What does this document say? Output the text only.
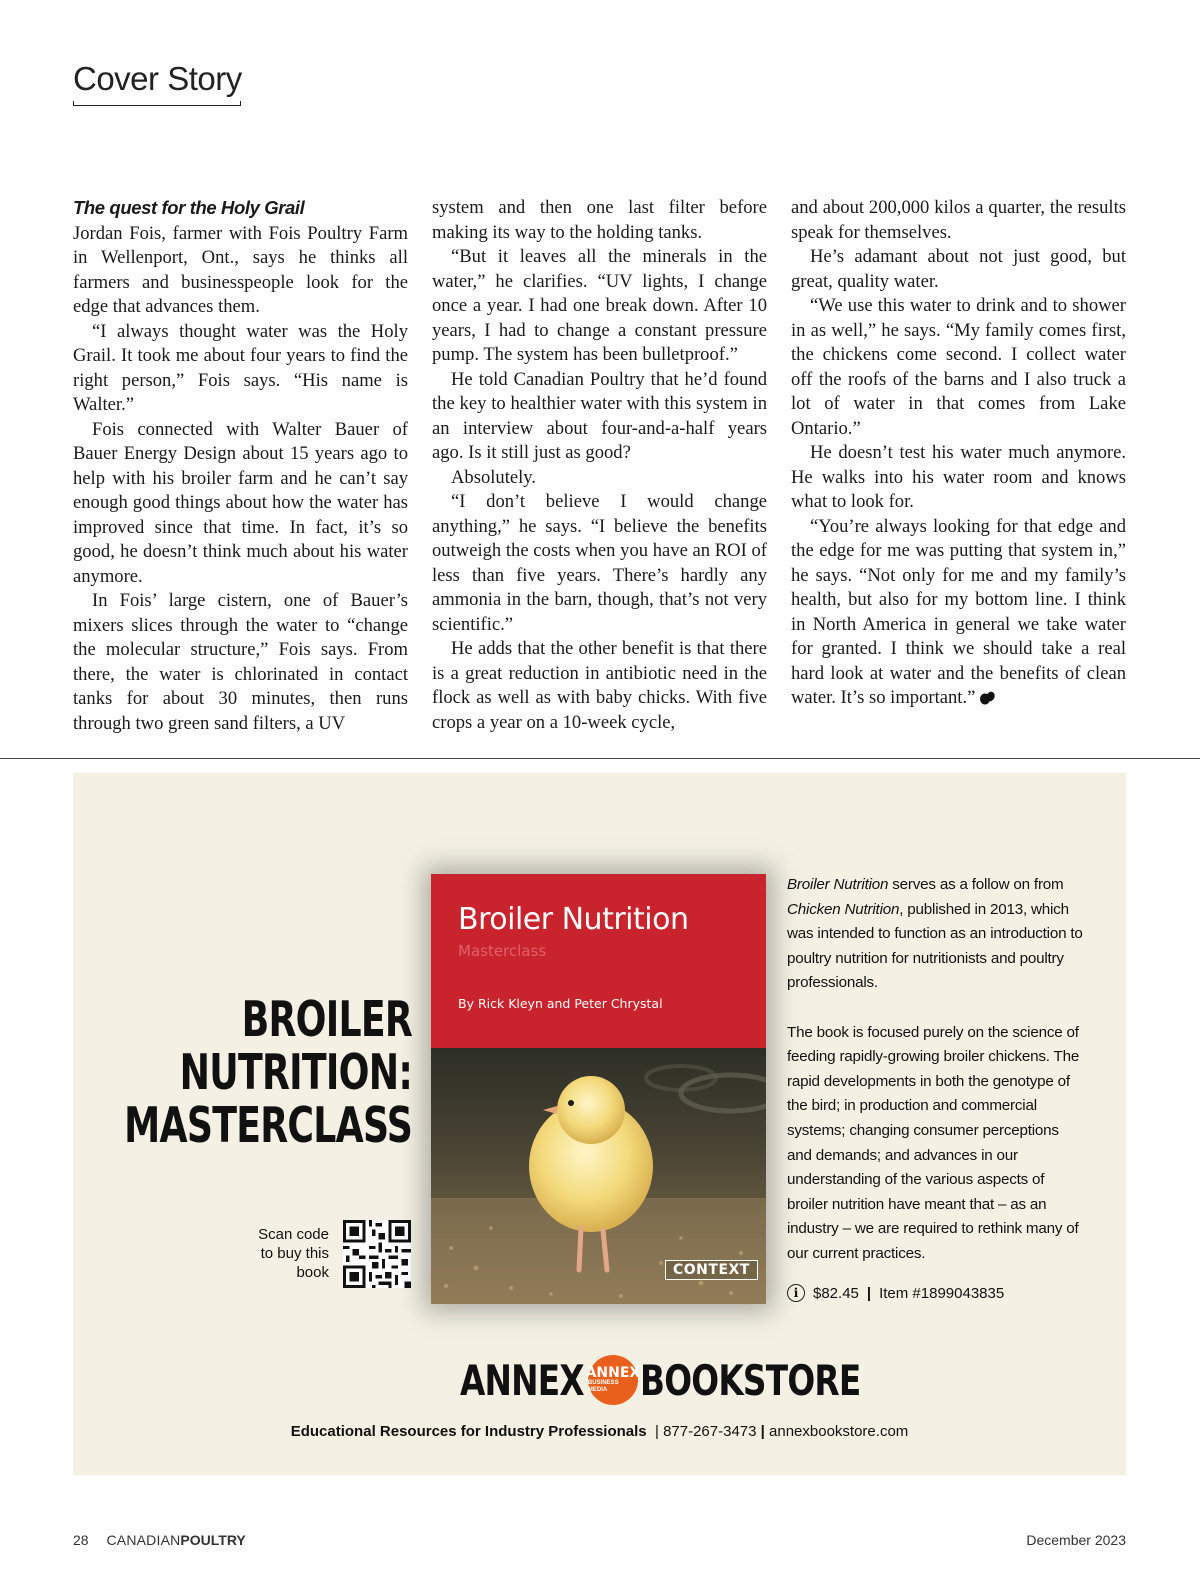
Cover Story
The quest for the Holy Grail

Jordan Fois, farmer with Fois Poultry Farm in Wellenport, Ont., says he thinks all farmers and businesspeople look for the edge that advances them.

“I always thought water was the Holy Grail. It took me about four years to find the right person,” Fois says. “His name is Walter.”

Fois connected with Walter Bauer of Bauer Energy Design about 15 years ago to help with his broiler farm and he can’t say enough good things about how the water has improved since that time. In fact, it’s so good, he doesn’t think much about his water anymore.

In Fois’ large cistern, one of Bauer’s mixers slices through the water to “change the molecular structure,” Fois says. From there, the water is chlorinated in contact tanks for about 30 minutes, then runs through two green sand filters, a UV

system and then one last filter before making its way to the holding tanks.

“But it leaves all the minerals in the water,” he clarifies. “UV lights, I change once a year. I had one break down. After 10 years, I had to change a constant pressure pump. The system has been bulletproof.”

He told Canadian Poultry that he’d found the key to healthier water with this system in an interview about four-and-a-half years ago. Is it still just as good?

Absolutely.

“I don’t believe I would change anything,” he says. “I believe the benefits outweigh the costs when you have an ROI of less than five years. There’s hardly any ammonia in the barn, though, that’s not very scientific.”

He adds that the other benefit is that there is a great reduction in antibiotic need in the flock as well as with baby chicks. With five crops a year on a 10-week cycle,

and about 200,000 kilos a quarter, the results speak for themselves.

He’s adamant about not just good, but great, quality water.

“We use this water to drink and to shower in as well,” he says. “My family comes first, the chickens come second. I collect water off the roofs of the barns and I also truck a lot of water in that comes from Lake Ontario.”

He doesn’t test his water much anymore. He walks into his water room and knows what to look for.

“You’re always looking for that edge and the edge for me was putting that system in,” he says. “Not only for me and my family’s health, but also for my bottom line. I think in North America in general we take water for granted. I think we should take a real hard look at water and the benefits of clean water. It’s so important.”

BROILER
NUTRITION:
MASTERCLASS
Scan code
to buy this
book
Broiler Nutrition
Masterclass
By Rick Kleyn and Peter Chrystal
CONTEXT

Broiler Nutrition serves as a follow on from Chicken Nutrition, published in 2013, which was intended to function as an introduction to poultry nutrition for nutritionists and poultry professionals.

The book is focused purely on the science of feeding rapidly-growing broiler chickens. The rapid developments in both the genotype of the bird; in production and commercial systems; changing consumer perceptions and demands; and advances in our understanding of the various aspects of broiler nutrition have meant that – as an industry – we are required to rethink many of our current practices.

i $82.45 | Item #1899043835
ANNEX ANNEX
BUSINESS MEDIA BOOKSTORE
Educational Resources for Industry Professionals  | 877-267-3473 | annexbookstore.com
28 CANADIANPOULTRY	December 2023
